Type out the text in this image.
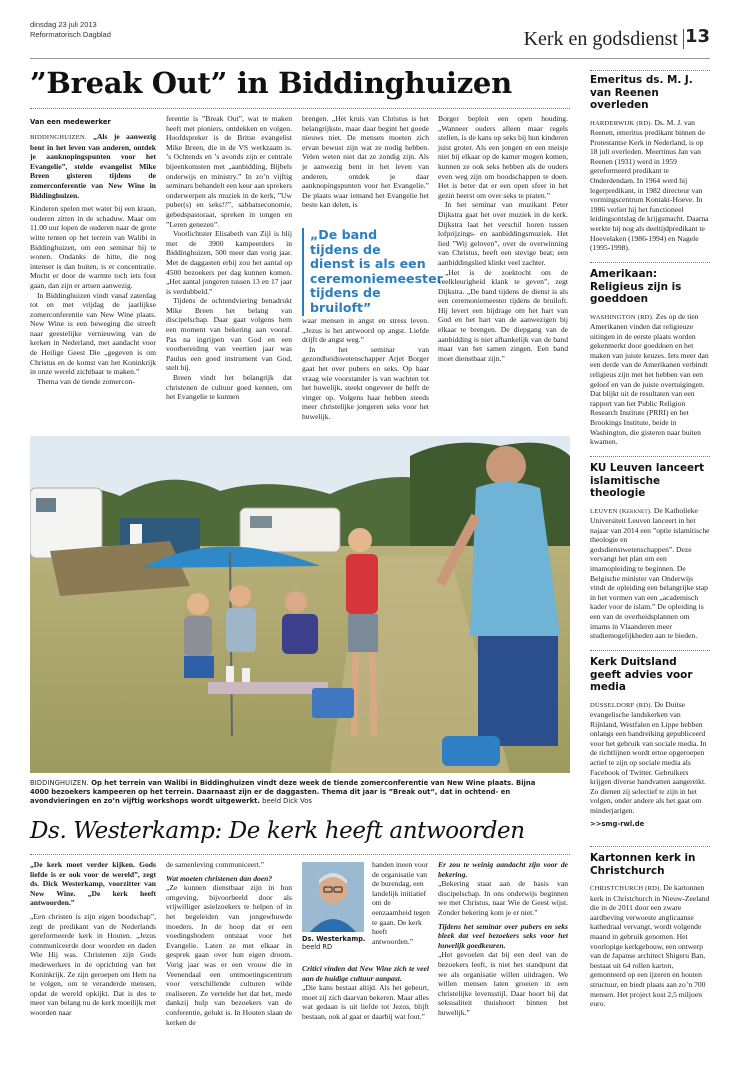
dinsdag 23 juli 2013
Reformatorisch Dagblad	Kerk en godsdienst 13
”Break Out” in Biddinghuizen
Van een medewerker

BIDDINGHUIZEN. „Als je aanwezig bent in het leven van anderen, ontdek je aanknopingspunten voor het Evangelie”, stelde evangelist Mike Breen gisteren tijdens de zomerconferentie van New Wine in Biddinghuizen.

Kinderen spelen met water bij een kraan, ouderen zitten in de schaduw. Maar om 11.00 uur lopen de ouderen naar de grote witte tenten op het terrein van Walibi in Biddinghuizen, om een seminar bij te wonen. Ondanks de hitte, die nog intenser is dan buiten, is er concentratie. Mocht er door de warmte toch iets fout gaan, dan zijn er artsen aanwezig.

In Biddinghuizen vindt vanaf zaterdag tot en met vrijdag de jaarlijkse zomerconferentie van New Wine plaats. New Wine is een beweging die streeft naar geestelijke vernieuwing van de kerken in Nederland, met aandacht voor de Heilige Geest Die „gegeven is om Christus en de komst van het Koninkrijk in onze wereld zichtbaar te maken.”

Thema van de tiende zomercon-

ferentie is ”Break Out”, wat te maken heeft met pioniers, ontdekken en volgen. Hoofdspreker is de Britse evangelist Mike Breen, die in de VS werkzaam is. ’s Ochtends en ’s avonds zijn er centrale bijeenkomsten met „aanbidding, Bijbels onderwijs en ministry.” In zo’n vijftig seminars behandelt een keur aan sprekers onderwerpen als muziek in de kerk, ”Uw puber(s) en seks!?”, sabbatseconomie, gebedspastoraat, spreken in tongen en ”Leren genezen”.

Voorlichtster Elisabeth van Zijl is blij met de 3900 kampeerders in Biddinghuizen, 500 meer dan vorig jaar. Met de daggasten erbij zou het aantal op 4500 bezoekers per dag kunnen komen. „Het aantal jongeren tussen 13 en 17 jaar is verdubbeld.”

Tijdens de ochtendviering benadrukt Mike Breen het belang van discipelschap. Daar gaat volgens hem een moment van bekering aan vooraf. Pas na ingrijpen van God en een voorbereiding van veertien jaar was Paulus een goed instrument van God, stelt hij.

Breen vindt het belangrijk dat christenen de cultuur goed kennen, om het Evangelie te kunnen

brengen. „Het kruis van Christus is het belangrijkste, maar daar begint het goede nieuws niet. De mensen moeten zich ervan bewust zijn wat ze nodig hebben. Velen weten niet dat ze zondig zijn. Als je aanwezig bent in het leven van anderen, ontdek je daar aanknopingspunten voor het Evangelie.” De plaats waar iemand het Evangelie het beste kan delen, is

„De band tijdens de dienst is als een ceremoniemeester tijdens de bruiloft”

waar mensen in angst en stress leven. „Jezus is het antwoord op angst. Liefde drijft de angst weg.”

In het seminar van gezondheidswetenschapper Arjet Borger gaat het over pubers en seks. Op haar vraag wie voorstander is van wachten tot het huwelijk, steekt ongeveer de helft de vinger op. Volgens haar hebben steeds meer christelijke jongeren seks voor het huwelijk.

Borger bepleit een open houding. „Wanneer ouders alleen maar regels stellen, is de kans op seks bij hun kinderen juist groter. Als een jongen en een meisje niet bij elkaar op de kamer mogen komen, kunnen ze ook seks hebben als de ouders even weg zijn om boodschappen te doen. Het is beter dat er een open sfeer in het gezin heerst om over seks te praten.”

In het seminar van muzikant Peter Dijkstra gaat het over muziek in de kerk. Dijkstra laat het verschil horen tussen lofprijzings- en aanbiddingsmuziek. Het lied ”Wij geloven”, over de overwinning van Christus, heeft een stevige beat; een aanbiddingslied klinkt veel zachter.

„Het is de zoektocht om de veelkleurigheid klank te geven”, zegt Dijkstra. „De band tijdens de dienst is als een ceremoniemeester tijdens de bruiloft. Hij levert een bijdrage om het hart van God en het hart van de aanwezigen bij elkaar te brengen. De diepgang van de aanbidding is niet afhankelijk van de band maar van het samen zingen. Een band moet dienstbaar zijn.”

BIDDINGHUIZEN. Op het terrein van Walibi in Biddinghuizen vindt deze week de tiende zomerconferentie van New Wine plaats. Bijna 4000 bezoekers kampeeren op het terrein. Daarnaast zijn er de daggasten. Thema dit jaar is ”Break out”, dat in ochtend- en avondvieringen en zo’n vijftig workshops wordt uitgewerkt. beeld Dick Vos
Ds. Westerkamp: De kerk heeft antwoorden

„De kerk moet verder kijken. Gods liefde is er ook voor de wereld”, zegt ds. Dick Westerkamp, voorzitter van New Wine. „De kerk heeft antwoorden.”

„Een christen is zijn eigen boodschap”, zegt de predikant van de Nederlands gereformeerde kerk in Houten. „Jezus communiceerde door woorden en daden Wie Hij was. Christenen zijn Gods medewerkers in de oprichting van het Koninkrijk. Ze zijn geroepen om Hem na te volgen, om te veranderde mensen, opdat de wereld opkijkt. Dat is des te meer van belang nu de kerk moeilijk met woorden naar

de samenleving communiceert.”

Wat moeten christenen dan doen?

„Ze kunnen dienstbaar zijn in hun omgeving, bijvoorbeeld door als vrijwilliger asielzoekers te helpen of in het begeleiden van jongewhuwde moeders. In de hoop dat er een voedingsbodem ontstaat voor het Evangelie. Laten ze met elkaar in gesprek gaan over hun eigen droom. Vorig jaar was er een vrouw die in Veenendaal een ontmoetingscentrum voor verschillende culturen wilde realiseren. Ze vertelde het dat het, mede dankzij hulp van bezoekers van de conferentie, gelukt is. In Houten slaan de kerken de

Ds. Westerkamp. beeld RD

handen ineen voor de organisatie van de burendag, een landelijk initiatief om de eenzaamheid tegen te gaan. De kerk heeft antwoorden.”

Critici vinden dat New Wine zich te veel aan de huidige cultuur aanpast.

„Die kans bestaat altijd. Als het gebeurt, moet zij zich daarvan bekeren. Maar alles wat gedaan is uit liefde tot Jezus, blijft bestaan, ook al gaat er daarbij wat fout.”

Er zou te weinig aandacht zijn voor de bekering.

„Bekering staat aan de basis van discipelschap. In ons onderwijs beginnen we met Christus, naar Wie de Geest wijst. Zonder bekering kom je er niet.”

Tijdens het seminar over pubers en seks bleek dat veel bezoekers seks voor het huwelijk goedkeuren.

„Het gevoelen dat bij een deel van de bezoekers leeft, is niet het standpunt dat we als organisatie willen uitdragen. We willen mensen laten groeien in een christelijke levensstijl. Daar hoort bij dat seksualiteit thuishoort binnen het huwelijk.”

Emeritus ds. M. J. van Reenen overleden
HARDERWIJK (RD). Ds. M. J. van Reenen, emeritus predikant binnen de Protestantse Kerk in Nederland, is op 18 juli overleden. Meertinus Jan van Reenen (1931) werd in 1959 gereformeerd predikant te Onderdendam. In 1964 werd hij legerpredikant, in 1982 directeur van vormingscentrum Kontakt-Hoeve. In 1986 verliet hij het functioneel leidingsontslag de krijgsmacht. Daarna werkte hij nog als deeltijdpredikant te Hoevelaken (1986-1994) en Nagele (1995-1998).
Amerikaan: Religieus zijn is goeddoen
WASHINGTON (RD). Zes op de tien Amerikanen vinden dat religieuze uitingen in de eerste plaats worden gekenmerkt door goeddoen en het maken van juiste keuzes. Iets meer dan een derde van de Amerikanen verbindt religieus zijn met het hebben van een geloof en van de juiste overtuigingen. Dat blijkt uit de resultaten van een rapport van het Public Religion Research Institute (PRRI) en het Brookings Institute, beide in Washington, die gisteren naar buiten kwamen.
KU Leuven lanceert islamitische theologie
LEUVEN (Kerknet). De Katholieke Universiteit Leuven lanceert in het najaar van 2014 een ”optie islamitische theologie en godsdienstwetenschappen”. Deze vervangt het plan om een imamopleiding te beginnen. De Belgische minister van Onderwijs vindt de opleiding een belangrijke stap in het vormen van een „academisch kader voor de islam.” De opleiding is een van de overheidsplannen om imams in Vlaanderen meer studiemogelijkheden aan te bieden.
Kerk Duitsland geeft advies voor media
DÜSSELDORF (RD). De Duitse evangelische landskerken van Rijnland, Westfalen en Lippe hebben onlangs een handreiking gepubliceerd voor het gebruik van sociale media. In de richtlijnen wordt ertoe opgeroepen actief te zijn op sociale media als Facebook of Twitter. Gebruikers krijgen diverse handvatten aangereikt. Zo dienen zij selectief te zijn in het volgen, onder andere als het gaat om minderjarigen.
>>smg-rwl.de
Kartonnen kerk in Christchurch
CHRISTCHURCH (RD). De kartonnen kerk in Christchurch in Nieuw-Zeeland die in de 2011 door een zware aardbeving verwoeste anglicaanse kathedraal vervangt, wordt volgende maand in gebruik genomen. Het voorlopige kerkgebouw, een ontwerp van de Japanse architect Shigeru Ban, bestaat uit 64 rollen karton, gemonteerd op een ijzeren en houten structuur, en biedt plaats aan zo’n 700 mensen. Het project kost 2,5 miljoen euro.
